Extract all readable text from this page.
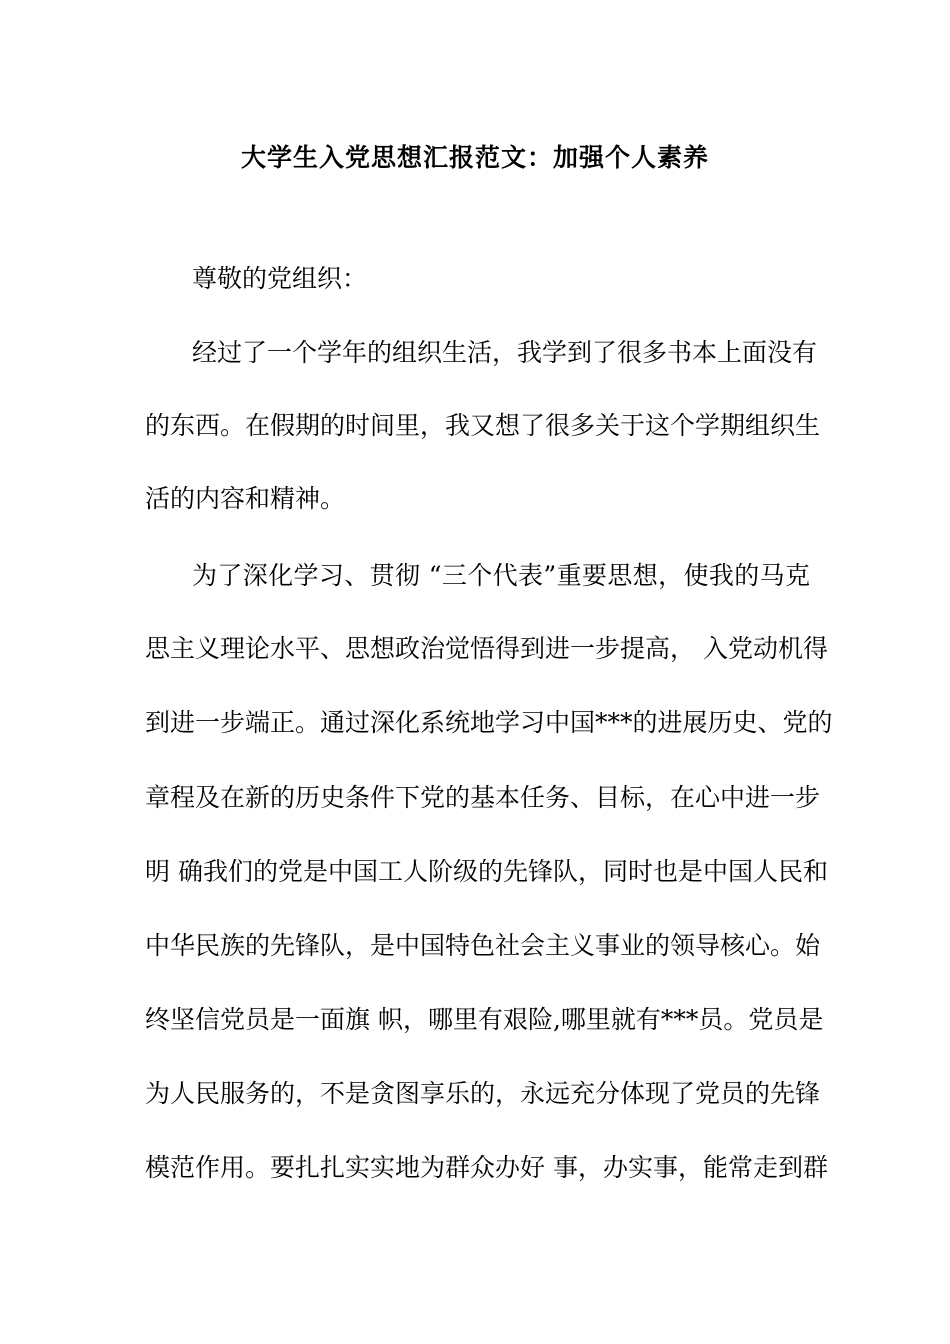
大学生入党思想汇报范文：加强个人素养
尊敬的党组织：
经过了一个学年的组织生活，我学到了很多书本上面没有
的东西。在假期的时间里，我又想了很多关于这个学期组织生
活的内容和精神。
为了深化学习、贯彻 “三个代表”重要思想，使我的马克
思主义理论水平、思想政治觉悟得到进一步提高， 入党动机得
到进一步端正。通过深化系统地学习中国***的进展历史、党的
章程及在新的历史条件下党的基本任务、目标，在心中进一步
明 确我们的党是中国工人阶级的先锋队，同时也是中国人民和
中华民族的先锋队，是中国特色社会主义事业的领导核心。始
终坚信党员是一面旗 帜，哪里有艰险,哪里就有***员。党员是
为人民服务的，不是贪图享乐的，永远充分体现了党员的先锋
模范作用。要扎扎实实地为群众办好 事，办实事，能常走到群
